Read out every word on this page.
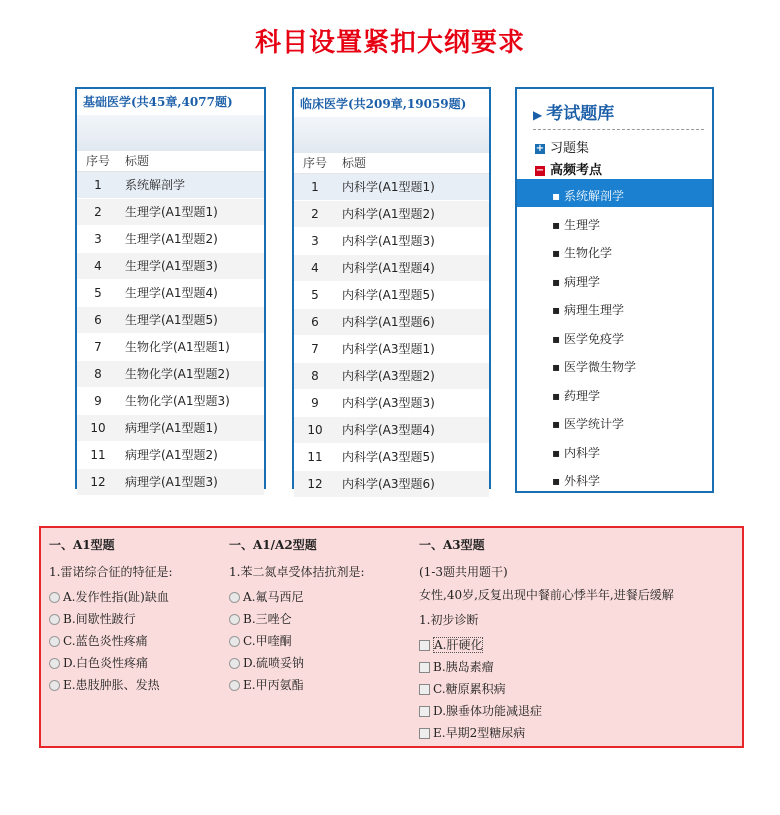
科目设置紧扣大纲要求
基础医学(共45章,4077题)
序号 标题
1 系统解剖学
2 生理学(A1型题1)
3 生理学(A1型题2)
4 生理学(A1型题3)
5 生理学(A1型题4)
6 生理学(A1型题5)
7 生物化学(A1型题1)
8 生物化学(A1型题2)
9 生物化学(A1型题3)
10 病理学(A1型题1)
11 病理学(A1型题2)
12 病理学(A1型题3)
临床医学(共209章,19059题)
序号 标题
1 内科学(A1型题1)
2 内科学(A1型题2)
3 内科学(A1型题3)
4 内科学(A1型题4)
5 内科学(A1型题5)
6 内科学(A1型题6)
7 内科学(A3型题1)
8 内科学(A3型题2)
9 内科学(A3型题3)
10 内科学(A3型题4)
11 内科学(A3型题5)
12 内科学(A3型题6)
▶ 考试题库
+ 习题集
− 高频考点
▪ 系统解剖学
▪ 生理学
▪ 生物化学
▪ 病理学
▪ 病理生理学
▪ 医学免疫学
▪ 医学微生物学
▪ 药理学
▪ 医学统计学
▪ 内科学
▪ 外科学
一、A1型题
1.雷诺综合征的特征是:
A.发作性指(趾)缺血
B.间歇性跛行
C.蓝色炎性疼痛
D.白色炎性疼痛
E.患肢肿胀、发热
一、A1/A2型题
1.苯二氮卓受体拮抗剂是:
A.氟马西尼
B.三唑仑
C.甲喹酮
D.硫喷妥钠
E.甲丙氨酯
一、A3型题
(1-3题共用题干)
女性,40岁,反复出现中餐前心悸半年,进餐后缓解
1.初步诊断
A.肝硬化
B.胰岛素瘤
C.糖原累积病
D.腺垂体功能减退症
E.早期2型糖尿病
